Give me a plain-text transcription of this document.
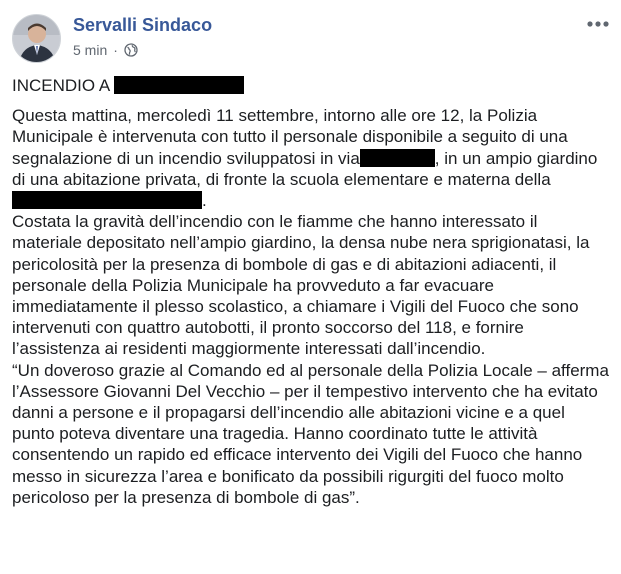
Servalli Sindaco
5 min ·

INCENDIO A

Questa mattina, mercoledì 11 settembre, intorno alle ore 12, la Polizia Municipale è intervenuta con tutto il personale disponibile a seguito di una segnalazione di un incendio sviluppatosi in via	, in un ampio giardino di una abitazione privata, di fronte la scuola elementare e materna della.

Costata la gravità dell’incendio con le fiamme che hanno interessato il materiale depositato nell’ampio giardino, la densa nube nera sprigionatasi, la pericolosità per la presenza di bombole di gas e di abitazioni adiacenti, il personale della Polizia Municipale ha provveduto a far evacuare immediatamente il plesso scolastico, a chiamare i Vigili del Fuoco che sono intervenuti con quattro autobotti, il pronto soccorso del 118, e fornire l’assistenza ai residenti maggiormente interessati dall’incendio.

“Un doveroso grazie al Comando ed al personale della Polizia Locale – afferma l’Assessore Giovanni Del Vecchio – per il tempestivo intervento che ha evitato danni a persone e il propagarsi dell’incendio alle abitazioni vicine e a quel punto poteva diventare una tragedia. Hanno coordinato tutte le attività consentendo un rapido ed efficace intervento dei Vigili del Fuoco che hanno messo in sicurezza l’area e bonificato da possibili rigurgiti del fuoco molto pericoloso per la presenza di bombole di gas”.
